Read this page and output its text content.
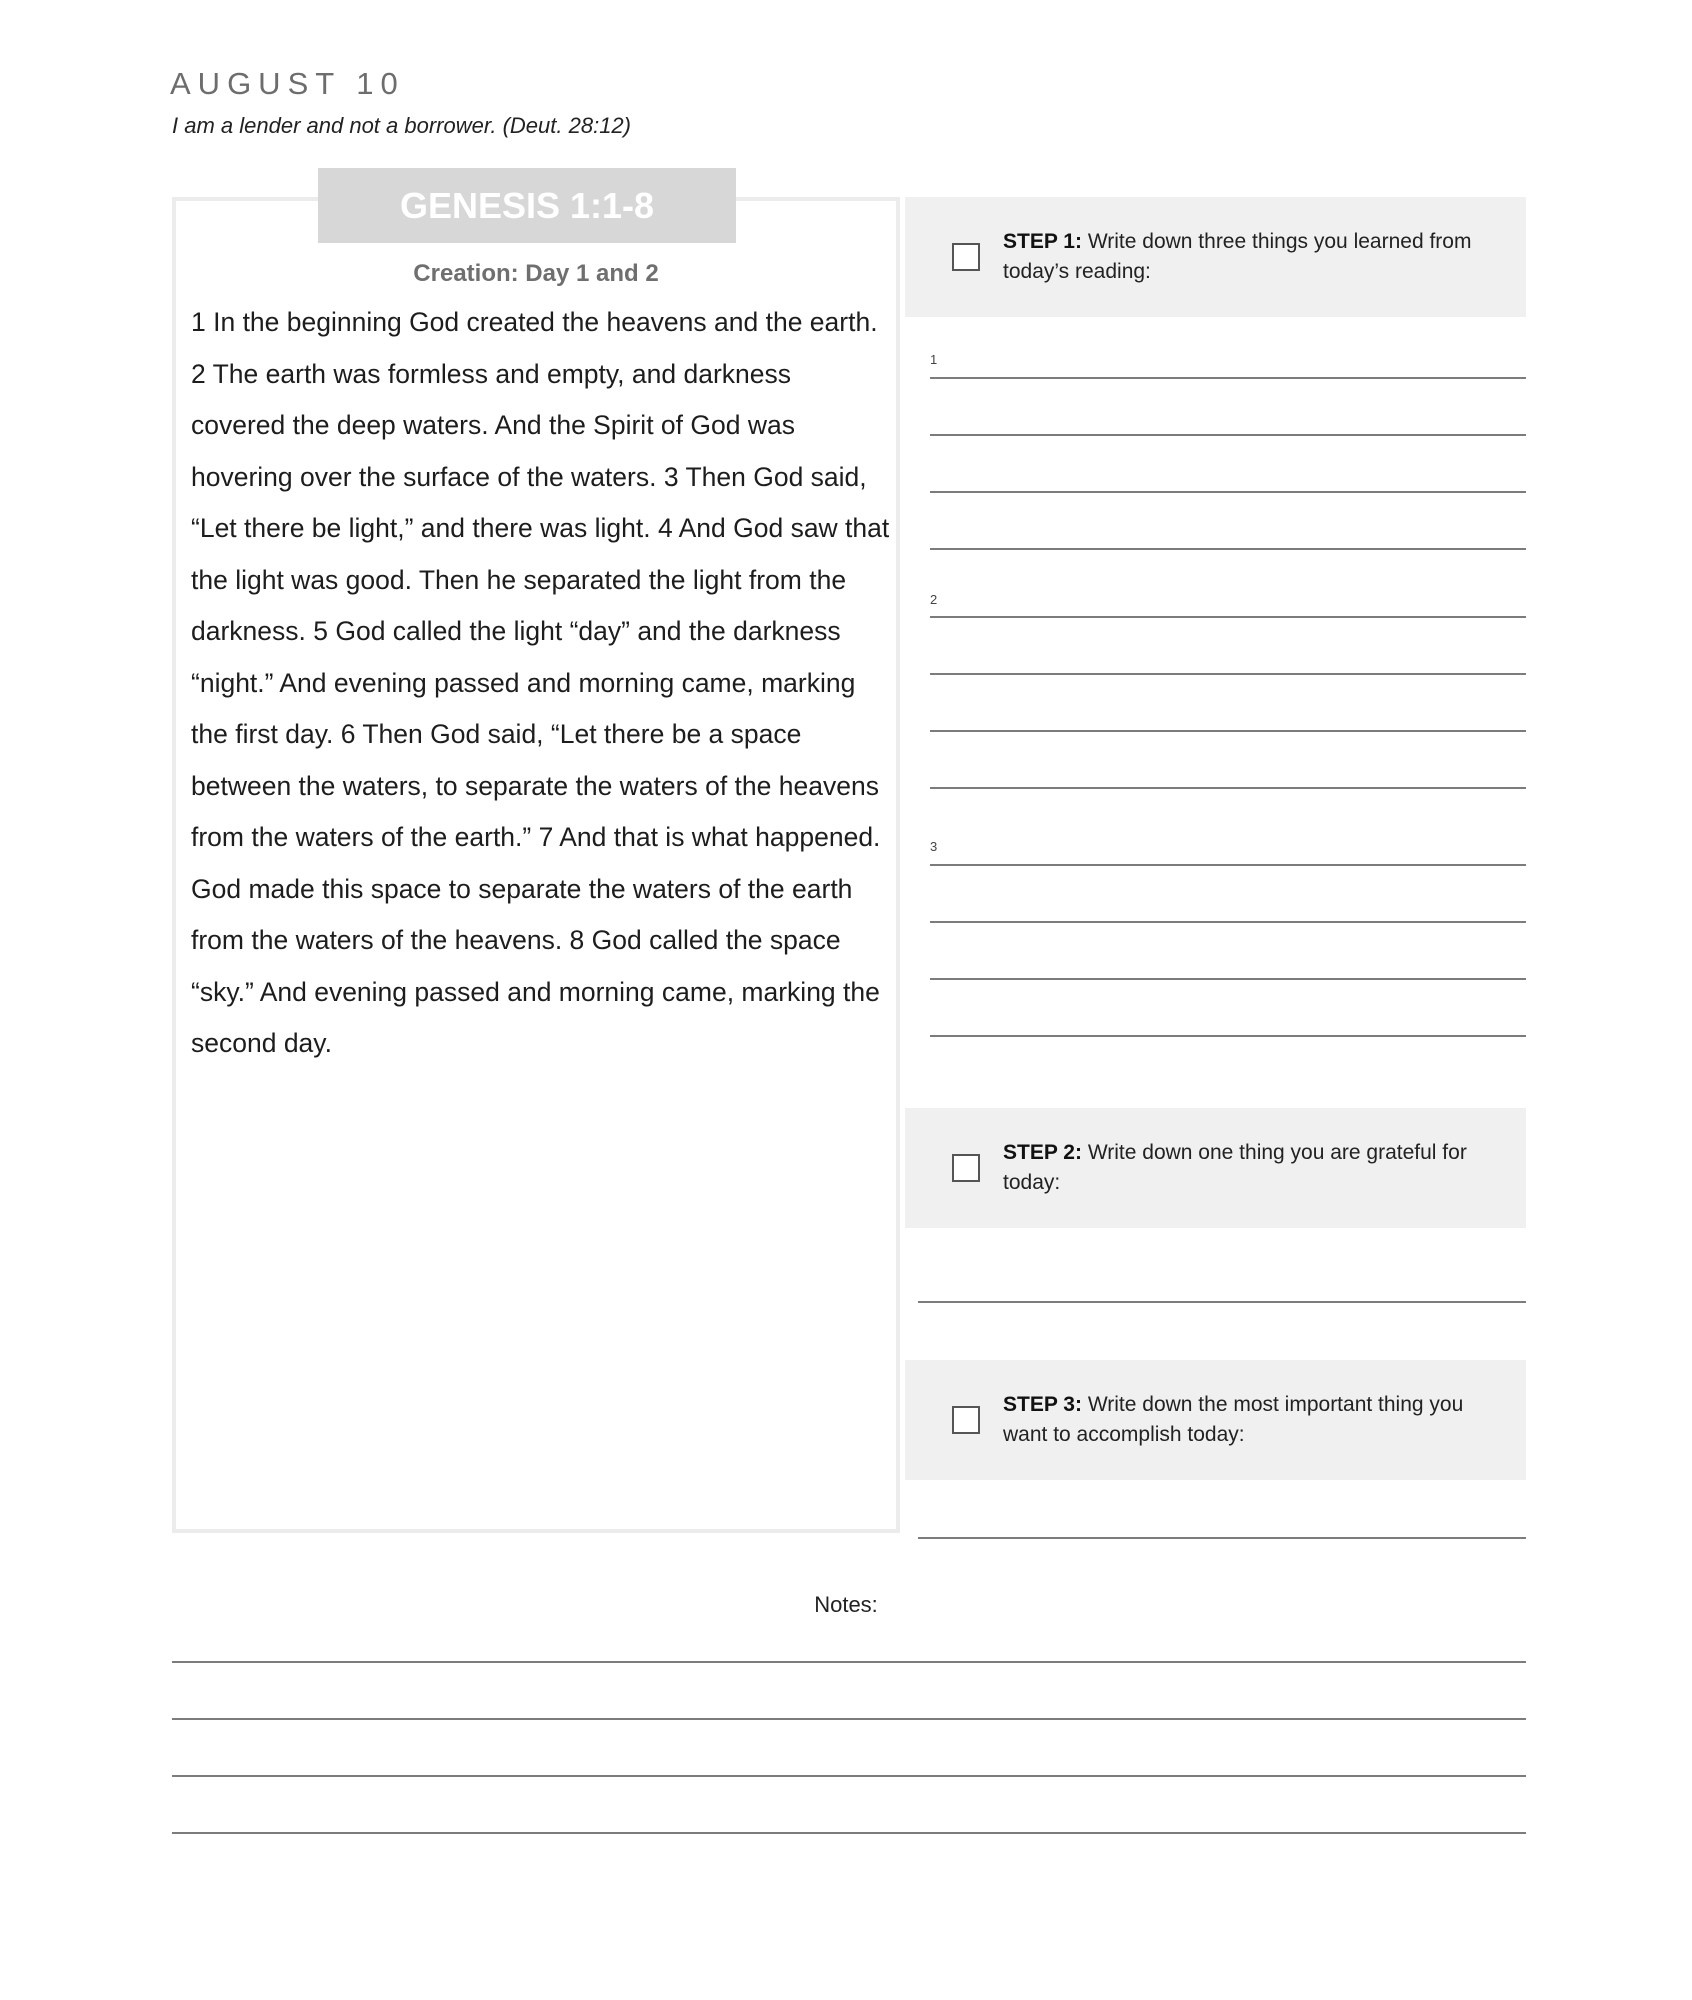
AUGUST 10
I am a lender and not a borrower. (Deut. 28:12)
GENESIS 1:1-8
Creation: Day 1 and 2
1 In the beginning God created the heavens and the earth. 2 The earth was formless and empty, and darkness covered the deep waters. And the Spirit of God was hovering over the surface of the waters. 3 Then God said, “Let there be light,” and there was light. 4 And God saw that the light was good. Then he separated the light from the darkness. 5 God called the light “day” and the darkness “night.” And evening passed and morning came, marking the first day. 6 Then God said, “Let there be a space between the waters, to separate the waters of the heavens from the waters of the earth.” 7 And that is what happened. God made this space to separate the waters of the earth from the waters of the heavens. 8 God called the space “sky.” And evening passed and morning came, marking the second day.
STEP 1: Write down three things you learned from today’s reading:
1
2
3
STEP 2: Write down one thing you are grateful for today:
STEP 3: Write down the most important thing you want to accomplish today:
Notes:
